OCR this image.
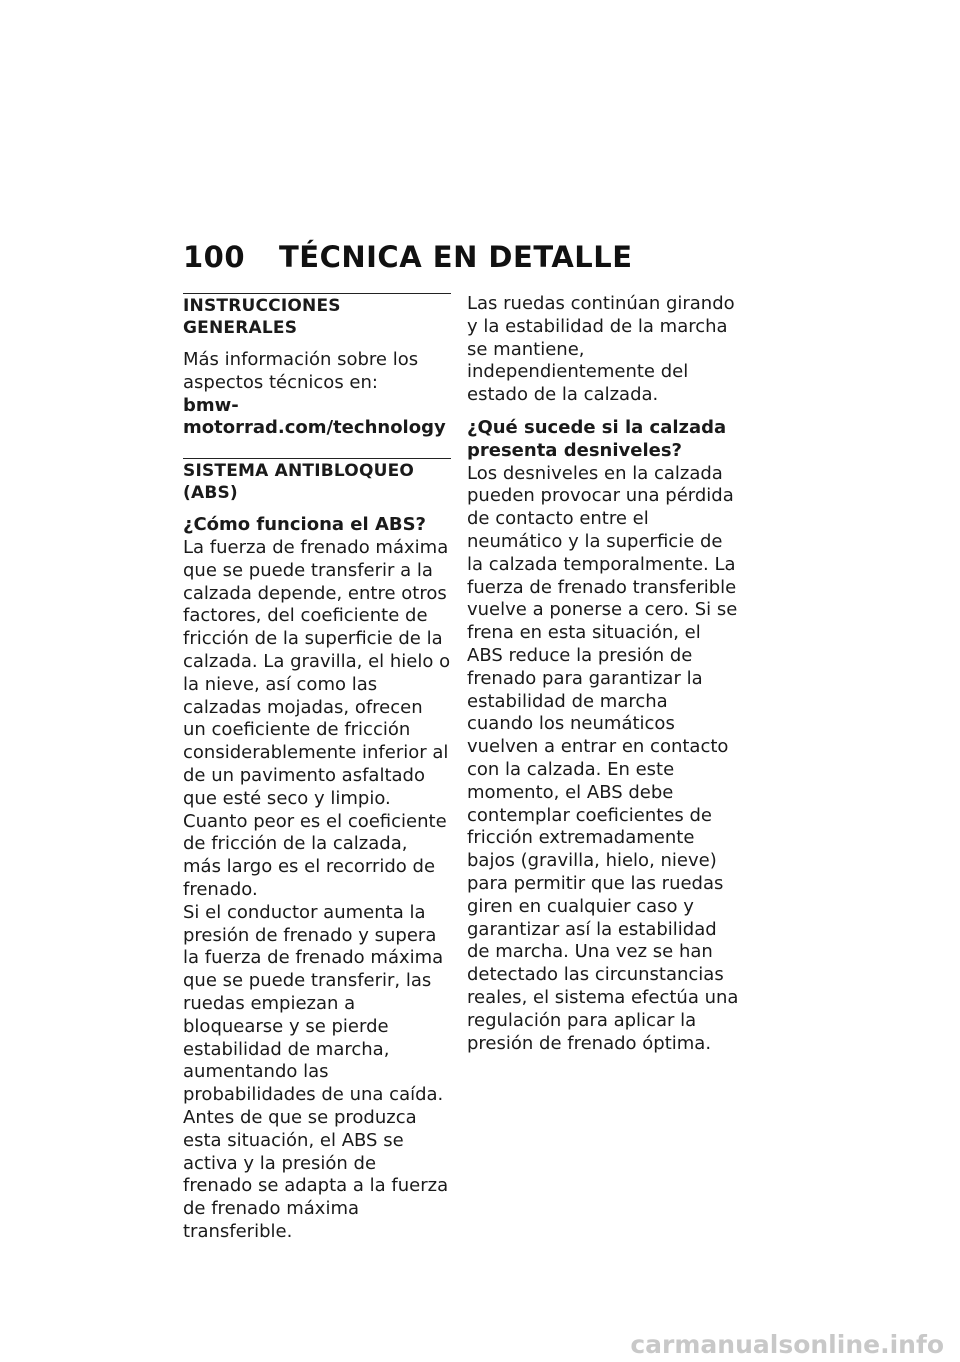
100 TÉCNICA EN DETALLE
INSTRUCCIONES GENERALES

Más información sobre los aspectos técnicos en:

bmw-motorrad.com/technology

SISTEMA ANTIBLOQUEO (ABS)

¿Cómo funciona el ABS?

La fuerza de frenado máxima que se puede transferir a la calzada depende, entre otros factores, del coeficiente de fricción de la superficie de la calzada. La gravilla, el hielo o la nieve, así como las calzadas mojadas, ofrecen un coeficiente de fricción considerablemente inferior al de un pavimento asfaltado que esté seco y limpio. Cuanto peor es el coeficiente de fricción de la calzada, más largo es el recorrido de frenado.

Si el conductor aumenta la presión de frenado y supera la fuerza de frenado máxima que se puede transferir, las ruedas empiezan a bloquearse y se pierde estabilidad de marcha, aumentando las probabilidades de una caída. Antes de que se produzca esta situación, el ABS se activa y la presión de frenado se adapta a la fuerza de frenado máxima transferible.

Las ruedas continúan girando y la estabilidad de la marcha se mantiene, independientemente del estado de la calzada.

¿Qué sucede si la calzada presenta desniveles?

Los desniveles en la calzada pueden provocar una pérdida de contacto entre el neumático y la superficie de la calzada temporalmente. La fuerza de frenado transferible vuelve a ponerse a cero. Si se frena en esta situación, el ABS reduce la presión de frenado para garantizar la estabilidad de marcha cuando los neumáticos vuelven a entrar en contacto con la calzada. En este momento, el ABS debe contemplar coeficientes de fricción extremadamente bajos (gravilla, hielo, nieve) para permitir que las ruedas giren en cualquier caso y garantizar así la estabilidad de marcha. Una vez se han detectado las circunstancias reales, el sistema efectúa una regulación para aplicar la presión de frenado óptima.

carmanualsonline.info
